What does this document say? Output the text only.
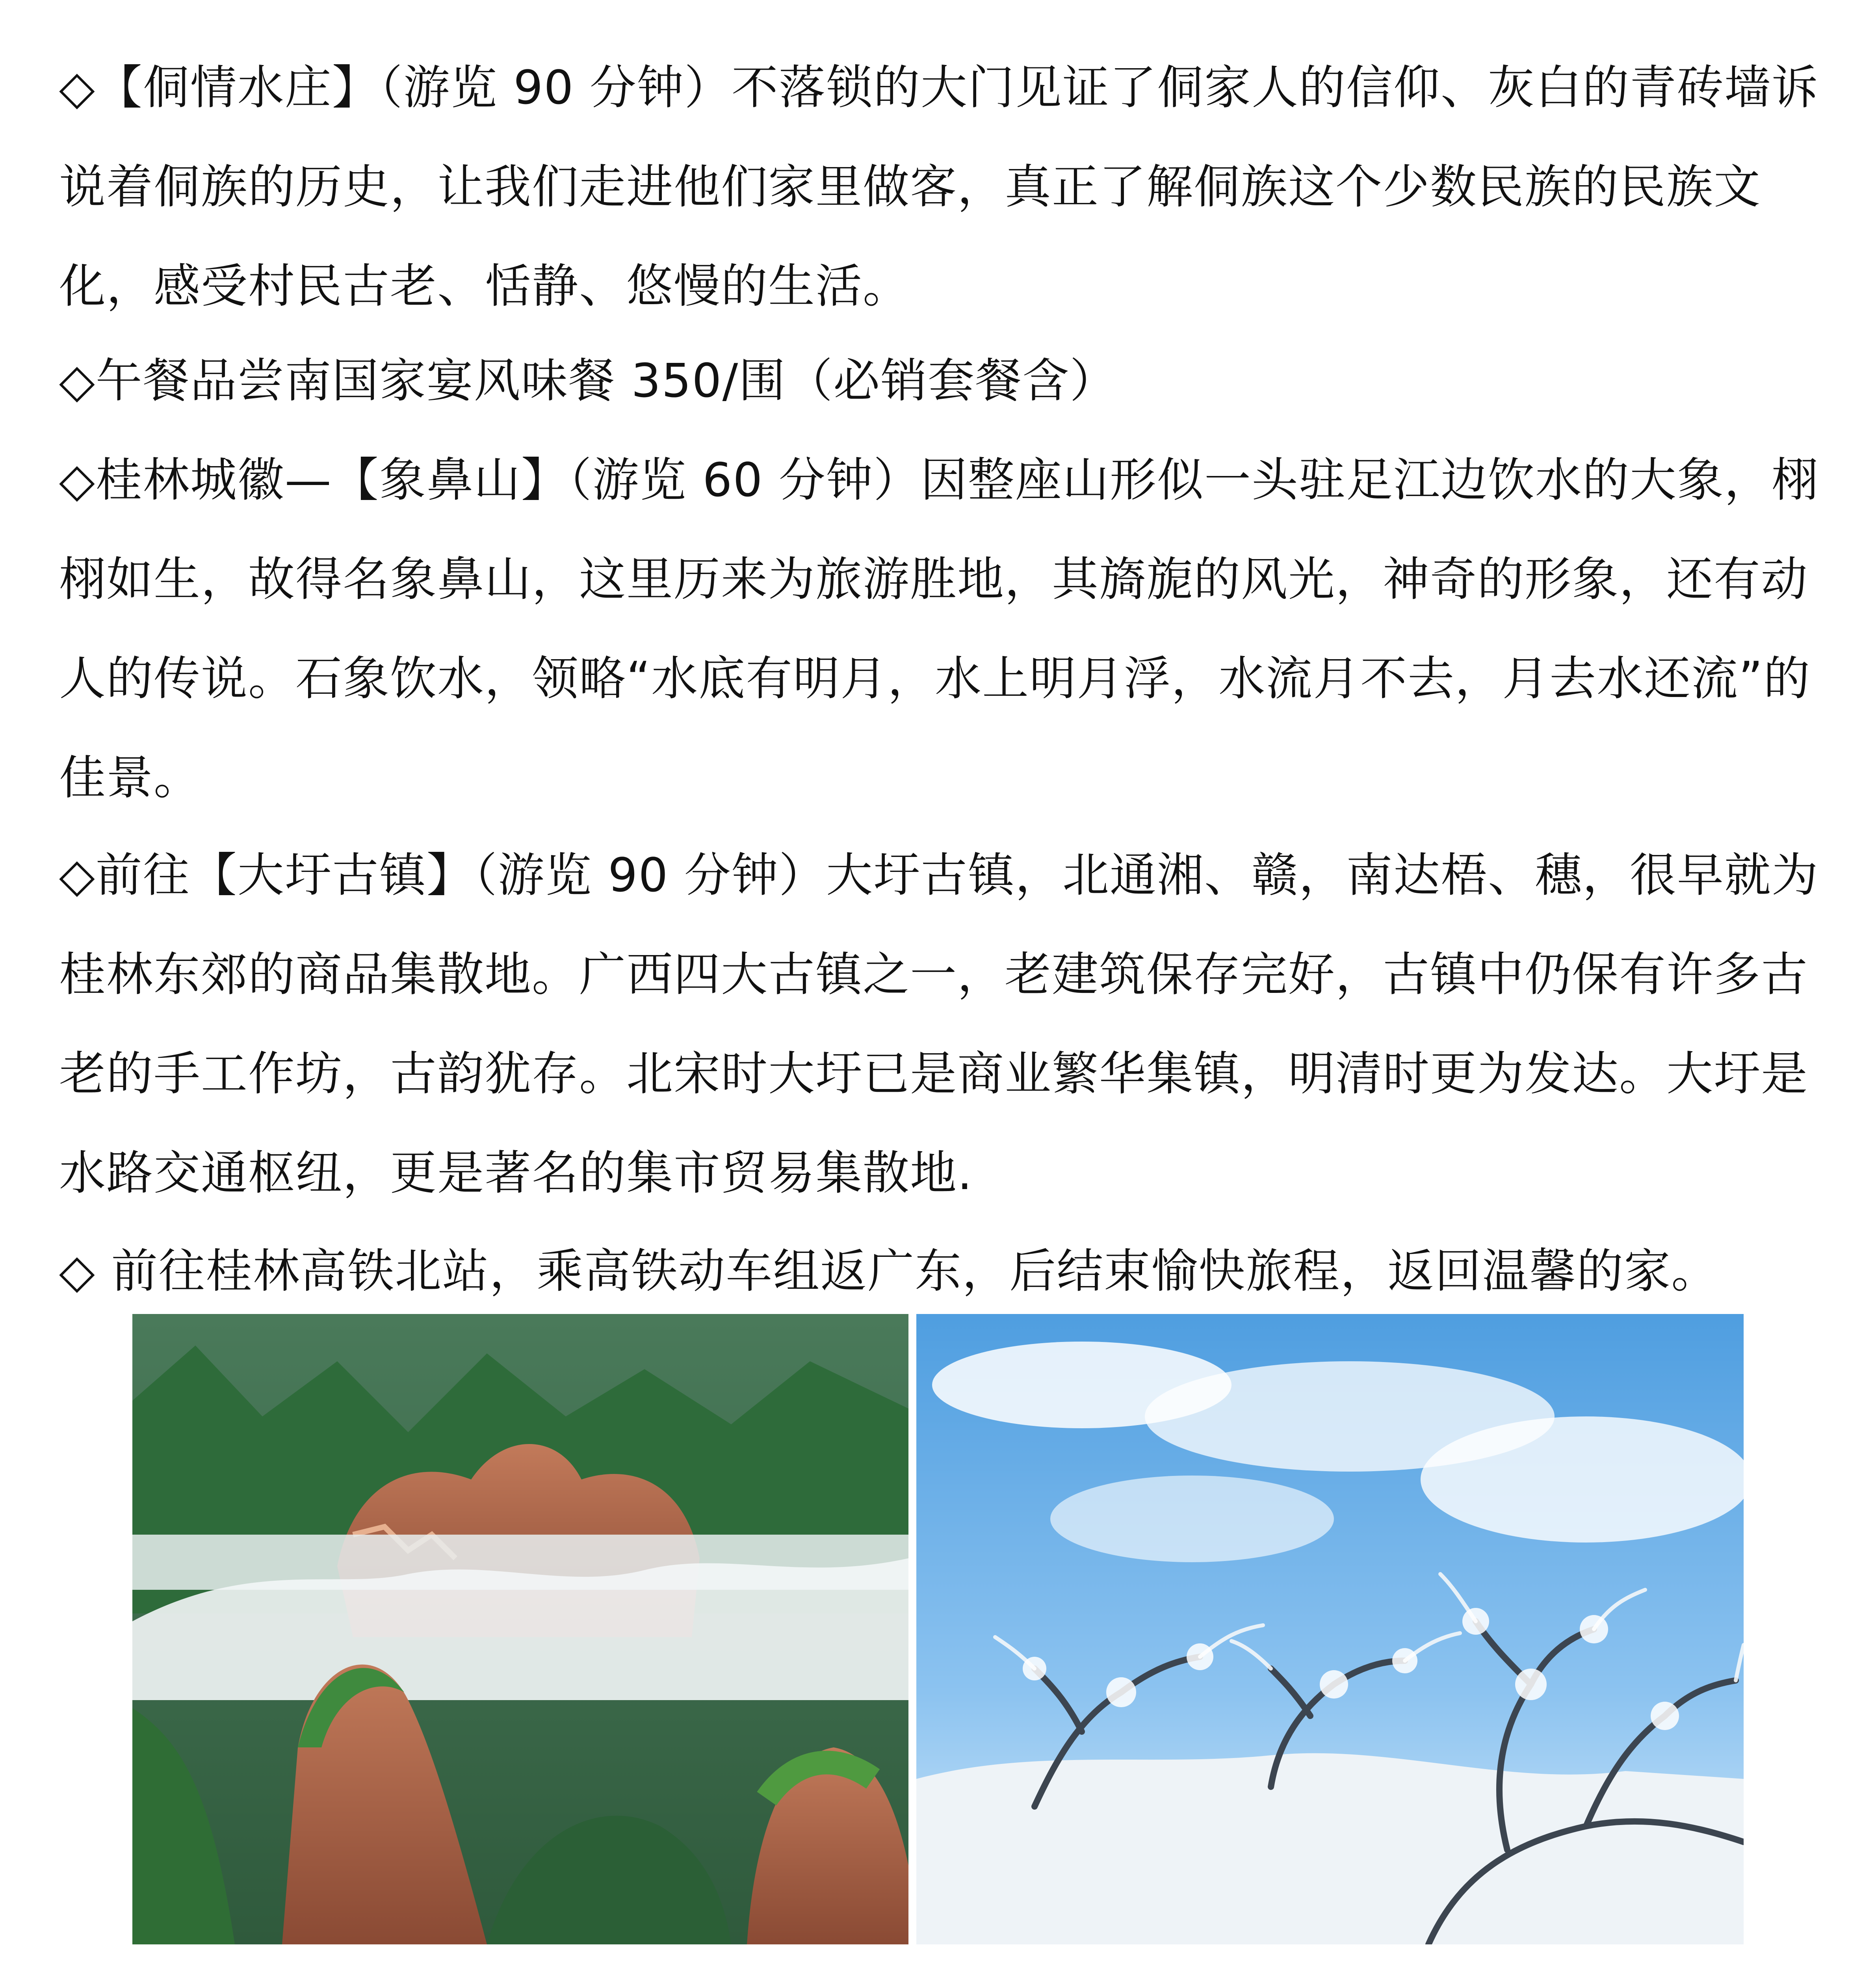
◇【侗情水庄】（游览 90 分钟）不落锁的大门见证了侗家人的信仰、灰白的青砖墙诉说着侗族的历史，让我们走进他们家里做客，真正了解侗族这个少数民族的民族文化，感受村民古老、恬静、悠慢的生活。

◇午餐品尝南国家宴风味餐 350/围（必销套餐含）

◇桂林城徽—【象鼻山】（游览 60 分钟）因整座山形似一头驻足江边饮水的大象，栩栩如生，故得名象鼻山，这里历来为旅游胜地，其旖旎的风光，神奇的形象，还有动人的传说。石象饮水，领略“水底有明月，水上明月浮，水流月不去，月去水还流”的佳景。

◇前往【大圩古镇】（游览 90 分钟）大圩古镇，北通湘、赣，南达梧、穗，很早就为桂林东郊的商品集散地。广西四大古镇之一，老建筑保存完好，古镇中仍保有许多古老的手工作坊，古韵犹存。北宋时大圩已是商业繁华集镇，明清时更为发达。大圩是水路交通枢纽，更是著名的集市贸易集散地.

◇ 前往桂林高铁北站，乘高铁动车组返广东，后结束愉快旅程，返回温馨的家。
